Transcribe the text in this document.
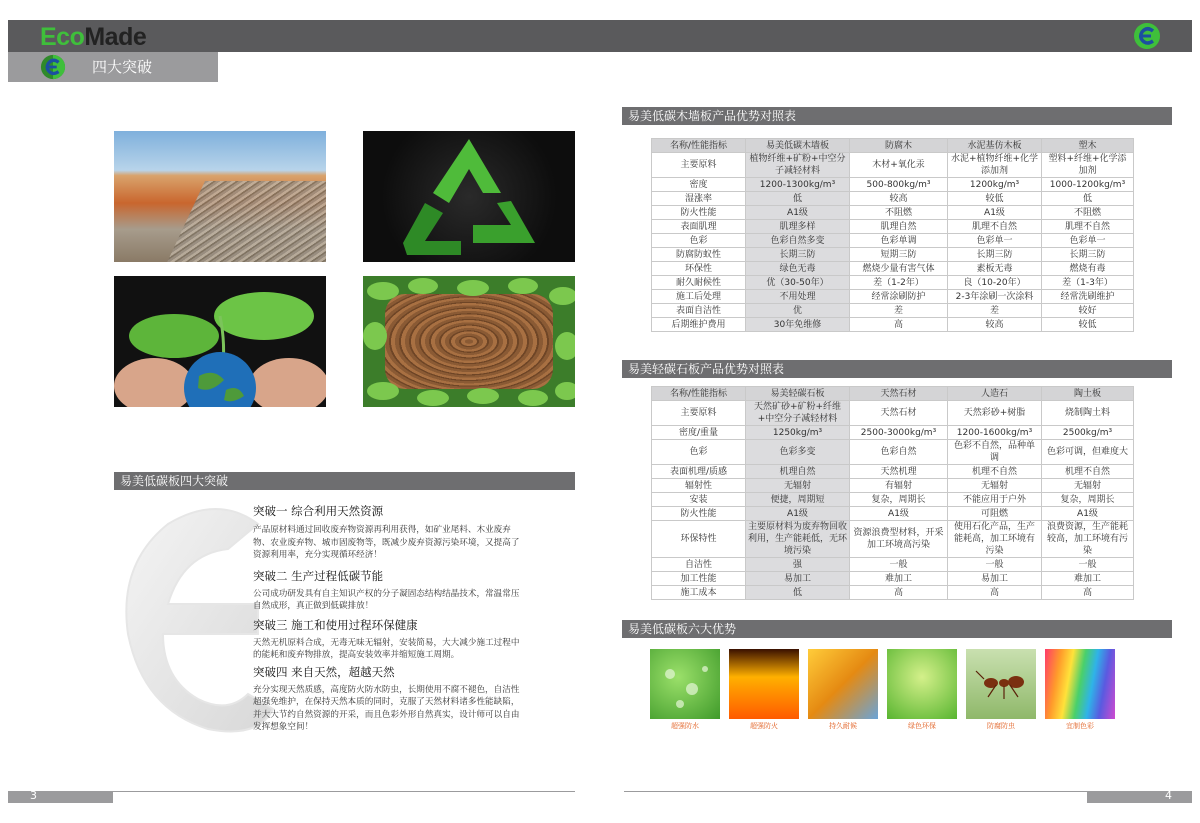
EcoMade
四大突破
易美低碳板四大突破
突破一 综合利用天然资源
产品原材料通过回收废弃物资源再利用获得，如矿业尾料、木业废弃物、农业废弃物、城市固废物等，既减少废弃资源污染环境，又提高了资源利用率，充分实现循环经济！
突破二 生产过程低碳节能
公司成功研发具有自主知识产权的分子凝固态结构结晶技术，常温常压自然成形，真正做到低碳排放！
突破三 施工和使用过程环保健康
天然无机原料合成，无毒无味无辐射，安装简易，大大减少施工过程中的能耗和废弃物排放，提高安装效率并缩短施工周期。
突破四 来自天然，超越天然
充分实现天然质感，高度防火防水防虫，长期使用不腐不褪色，自洁性超强免维护，在保持天然本质的同时，克服了天然材料诸多性能缺陷，并大大节约自然资源的开采，而且色彩外形自然真实，设计师可以自由发挥想象空间！
易美低碳木墙板产品优势对照表
名称/性能指标	易美低碳木墙板	防腐木	水泥基仿木板	塑木
主要原料	植物纤维+矿粉+中空分子减轻材料	木材+氧化汞	水泥+植物纤维+化学添加剂	塑料+纤维+化学添加剂
密度	1200-1300kg/m³	500-800kg/m³	1200kg/m³	1000-1200kg/m³
湿涨率	低	较高	较低	低
防火性能	A1级	不阻燃	A1级	不阻燃
表面肌理	肌理多样	肌理自然	肌理不自然	肌理不自然
色彩	色彩自然多变	色彩单调	色彩单一	色彩单一
防腐防蚁性	长期三防	短期三防	长期三防	长期三防
环保性	绿色无毒	燃烧少量有害气体	素板无毒	燃烧有毒
耐久耐候性	优（30-50年）	差（1-2年）	良（10-20年）	差（1-3年）
施工后处理	不用处理	经常涂刷防护	2-3年涂刷一次涂料	经常洗刷维护
表面自洁性	优	差	差	较好
后期维护费用	30年免维修	高	较高	较低
易美轻碳石板产品优势对照表
名称/性能指标	易美轻碳石板	天然石材	人造石	陶土板
主要原料	天然矿砂+矿粉+纤维+中空分子减轻材料	天然石材	天然彩砂+树脂	烧制陶土料
密度/重量	1250kg/m³	2500-3000kg/m³	1200-1600kg/m³	2500kg/m³
色彩	色彩多变	色彩自然	色彩不自然，品种单调	色彩可调，但难度大
表面机理/质感	机理自然	天然机理	机理不自然	机理不自然
辐射性	无辐射	有辐射	无辐射	无辐射
安装	便捷，周期短	复杂，周期长	不能应用于户外	复杂，周期长
防火性能	A1级	A1级	可阻燃	A1级
环保特性	主要原材料为废弃物回收利用，生产能耗低，无环境污染	资源浪费型材料，开采加工环境高污染	使用石化产品，生产能耗高，加工环境有污染	浪费资源，生产能耗较高，加工环境有污染
自洁性	强	一般	一般	一般
加工性能	易加工	难加工	易加工	难加工
施工成本	低	高	高	高
易美低碳板六大优势
超强防水	超强防火	持久耐候	绿色环保	防腐防虫	宜制色彩
3	4
